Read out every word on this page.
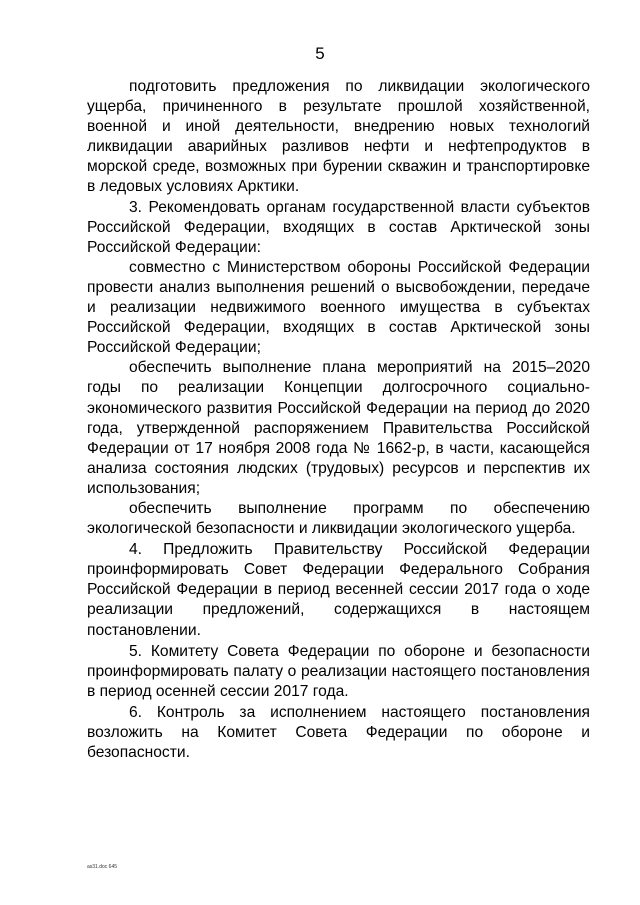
5

подготовить предложения по ликвидации экологического ущерба, причиненного в результате прошлой хозяйственной, военной и иной деятельности, внедрению новых технологий ликвидации аварийных разливов нефти и нефтепродуктов в морской среде, возможных при бурении скважин и транспортировке в ледовых условиях Арктики.

3. Рекомендовать органам государственной власти субъектов Российской Федерации, входящих в состав Арктической зоны Российской Федерации:

совместно с Министерством обороны Российской Федерации провести анализ выполнения решений о высвобождении, передаче и реализации недвижимого военного имущества в субъектах Российской Федерации, входящих в состав Арктической зоны Российской Федерации;

обеспечить выполнение плана мероприятий на 2015–2020 годы по реализации Концепции долгосрочного социально-экономического развития Российской Федерации на период до 2020 года, утвержденной распоряжением Правительства Российской Федерации от 17 ноября 2008 года № 1662-р, в части, касающейся анализа состояния людских (трудовых) ресурсов и перспектив их использования;

обеспечить выполнение программ по обеспечению экологической безопасности и ликвидации экологического ущерба.

4. Предложить Правительству Российской Федерации проинформировать Совет Федерации Федерального Собрания Российской Федерации в период весенней сессии 2017 года о ходе реализации предложений, содержащихся в настоящем постановлении.

5. Комитету Совета Федерации по обороне и безопасности проинформировать палату о реализации настоящего постановления в период осенней сессии 2017 года.

6. Контроль за исполнением настоящего постановления возложить на Комитет Совета Федерации по обороне и безопасности.

as31.doc 645
